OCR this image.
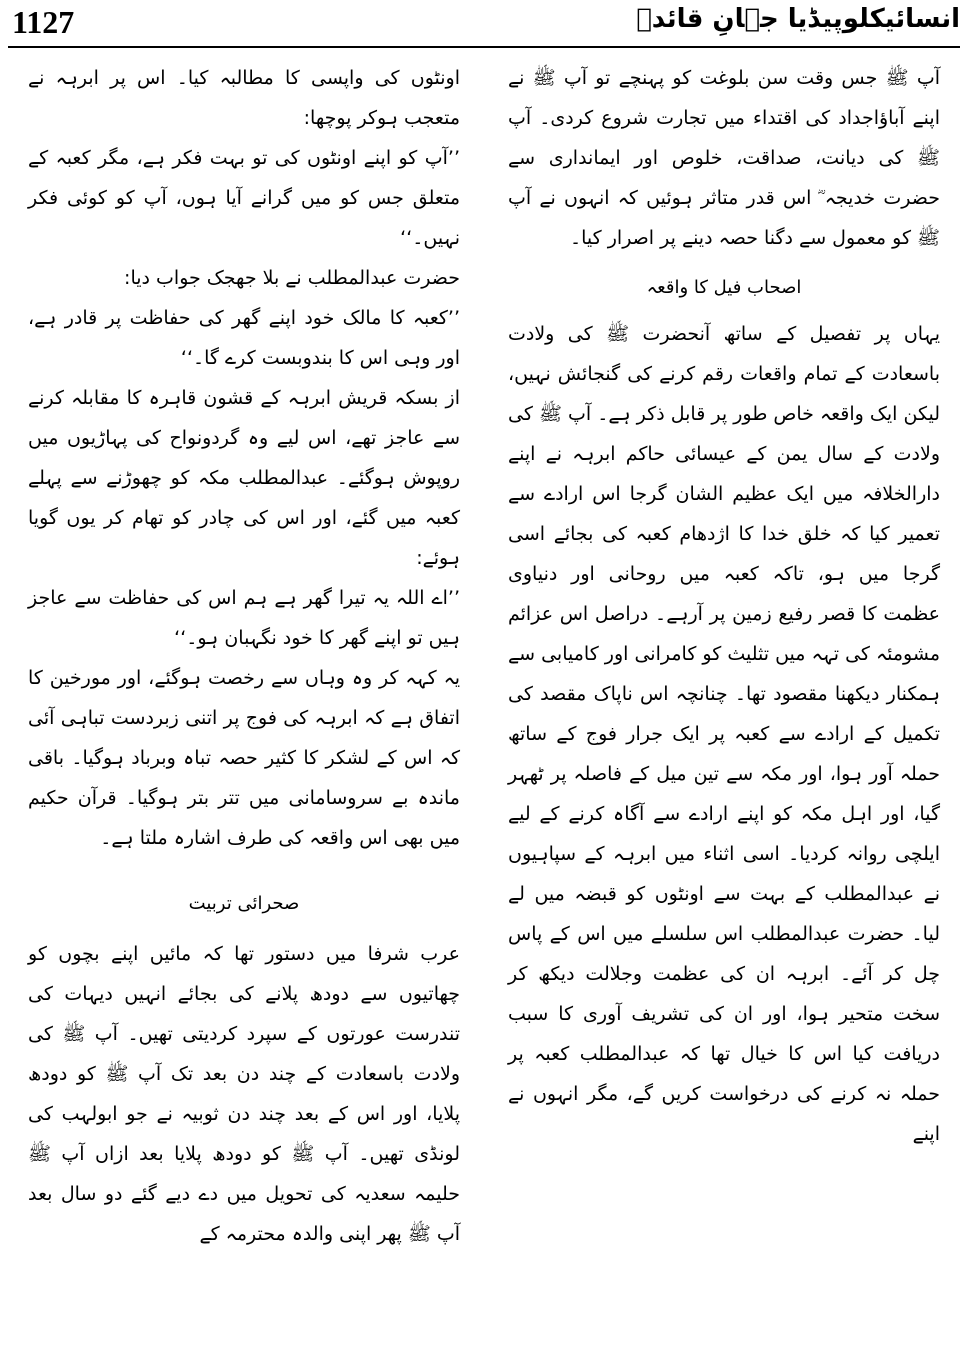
1127	انسائیکلوپیڈیا جہانِ قائدؒ

آپ ﷺ جس وقت سن بلوغت کو پہنچے تو آپ ﷺ نے اپنے آباؤاجداد کی اقتداء میں تجارت شروع کردی۔ آپ ﷺ کی دیانت، صداقت، خلوص اور ایمانداری سے حضرت خدیجہ ؓ اس قدر متاثر ہوئیں کہ انہوں نے آپ ﷺ کو معمول سے دگنا حصہ دینے پر اصرار کیا۔

اصحاب فیل کا واقعہ

یہاں پر تفصیل کے ساتھ آنحضرت ﷺ کی ولادت باسعادت کے تمام واقعات رقم کرنے کی گنجائش نہیں، لیکن ایک واقعہ خاص طور پر قابل ذکر ہے۔ آپ ﷺ کی ولادت کے سال یمن کے عیسائی حاکم ابرہہ نے اپنے دارالخلافہ میں ایک عظیم الشان گرجا اس ارادے سے تعمیر کیا کہ خلق خدا کا اژدھام کعبہ کی بجائے اسی گرجا میں ہو، تاکہ کعبہ میں روحانی اور دنیاوی عظمت کا قصر رفیع زمین پر آرہے۔ دراصل اس عزائم مشومئہ کی تہہ میں تثلیث کو کامرانی اور کامیابی سے ہمکنار دیکھنا مقصود تھا۔ چنانچہ اس ناپاک مقصد کی تکمیل کے ارادے سے کعبہ پر ایک جرار فوج کے ساتھ حملہ آور ہوا، اور مکہ سے تین میل کے فاصلہ پر ٹھہر گیا، اور اہل مکہ کو اپنے ارادے سے آگاہ کرنے کے لیے ایلچی روانہ کردیا۔ اسی اثناء میں ابرہہ کے سپاہیوں نے عبدالمطلب کے بہت سے اونٹوں کو قبضہ میں لے لیا۔ حضرت عبدالمطلب اس سلسلے میں اس کے پاس چل کر آئے۔ ابرہہ ان کی عظمت وجلالت دیکھ کر سخت متحیر ہوا، اور ان کی تشریف آوری کا سبب دریافت کیا اس کا خیال تھا کہ عبدالمطلب کعبہ پر حملہ نہ کرنے کی درخواست کریں گے، مگر انہوں نے اپنے

اونٹوں کی واپسی کا مطالبہ کیا۔ اس پر ابرہہ نے متعجب ہوکر پوچھا:

’’آپ کو اپنے اونٹوں کی تو بہت فکر ہے، مگر کعبہ کے متعلق جس کو میں گرانے آیا ہوں، آپ کو کوئی فکر نہیں۔‘‘

حضرت عبدالمطلب نے بلا جھجک جواب دیا:

’’کعبہ کا مالک خود اپنے گھر کی حفاظت پر قادر ہے، اور وہی اس کا بندوبست کرے گا۔‘‘

از بسکہ قریش ابرہہ کے قشون قاہرہ کا مقابلہ کرنے سے عاجز تھے، اس لیے وہ گردونواح کی پہاڑیوں میں روپوش ہوگئے۔ عبدالمطلب مکہ کو چھوڑنے سے پہلے کعبہ میں گئے، اور اس کی چادر کو تھام کر یوں گویا ہوئے:

’’اے اللہ یہ تیرا گھر ہے ہم اس کی حفاظت سے عاجز ہیں تو اپنے گھر کا خود نگہبان ہو۔‘‘

یہ کہہ کر وہ وہاں سے رخصت ہوگئے، اور مورخین کا اتفاق ہے کہ ابرہہ کی فوج پر اتنی زبردست تباہی آئی کہ اس کے لشکر کا کثیر حصہ تباہ وبرباد ہوگیا۔ باقی ماندہ بے سروسامانی میں تتر بتر ہوگیا۔ قرآن حکیم میں بھی اس واقعہ کی طرف اشارہ ملتا ہے۔

صحرائی تربیت

عرب شرفا میں دستور تھا کہ مائیں اپنے بچوں کو چھاتیوں سے دودھ پلانے کی بجائے انہیں دیہات کی تندرست عورتوں کے سپرد کردیتی تھیں۔ آپ ﷺ کی ولادت باسعادت کے چند دن بعد تک آپ ﷺ کو دودھ پلایا، اور اس کے بعد چند دن ثوبیہ نے جو ابولہب کی لونڈی تھیں۔ آپ ﷺ کو دودھ پلایا بعد ازاں آپ ﷺ حلیمہ سعدیہ کی تحویل میں دے دیے گئے دو سال بعد آپ ﷺ پھر اپنی والدہ محترمہ کے
